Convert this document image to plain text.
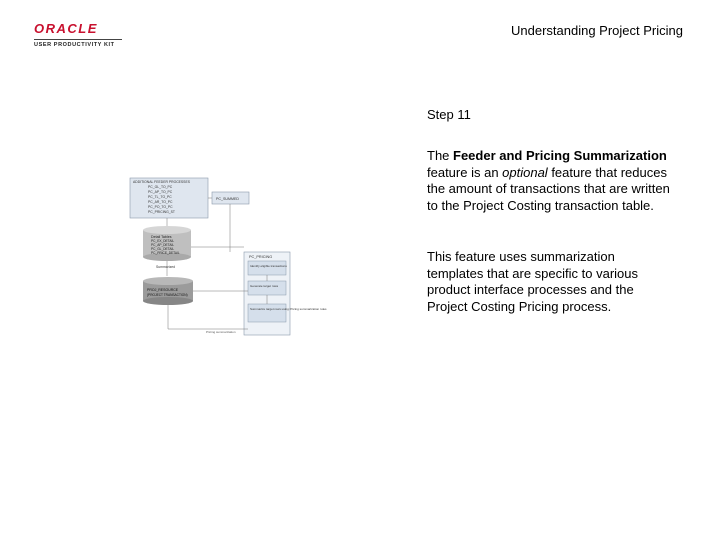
ORACLE
USER PRODUCTIVITY KIT
Understanding Project Pricing
Step 11
The Feeder and Pricing Summarization feature is an optional feature that reduces the amount of transactions that are written to the Project Costing transaction table.
This feature uses summarization templates that are specific to various product interface processes and the Project Costing Pricing process.
ADDITIONAL FEEDER PROCESSES
PC_GL_TO_PC
PC_AP_TO_PC
PC_TL_TO_PC
PC_AR_TO_PC
PC_PO_TO_PC
PC_PRICING_ST
PC_SUMMED
Detail Tables
PC_EX_DETAIL
PC_AP_DETAIL
PC_GL_DETAIL
PC_PRICE_DETAIL
Summarized
PROJ_RESOURCE
(PROJECT TRANSACTION)
PC_PRICING
Identify eligible transactions
Generate target rows
Summarize target rows using Pricing summarization rules
Pricing summarization
